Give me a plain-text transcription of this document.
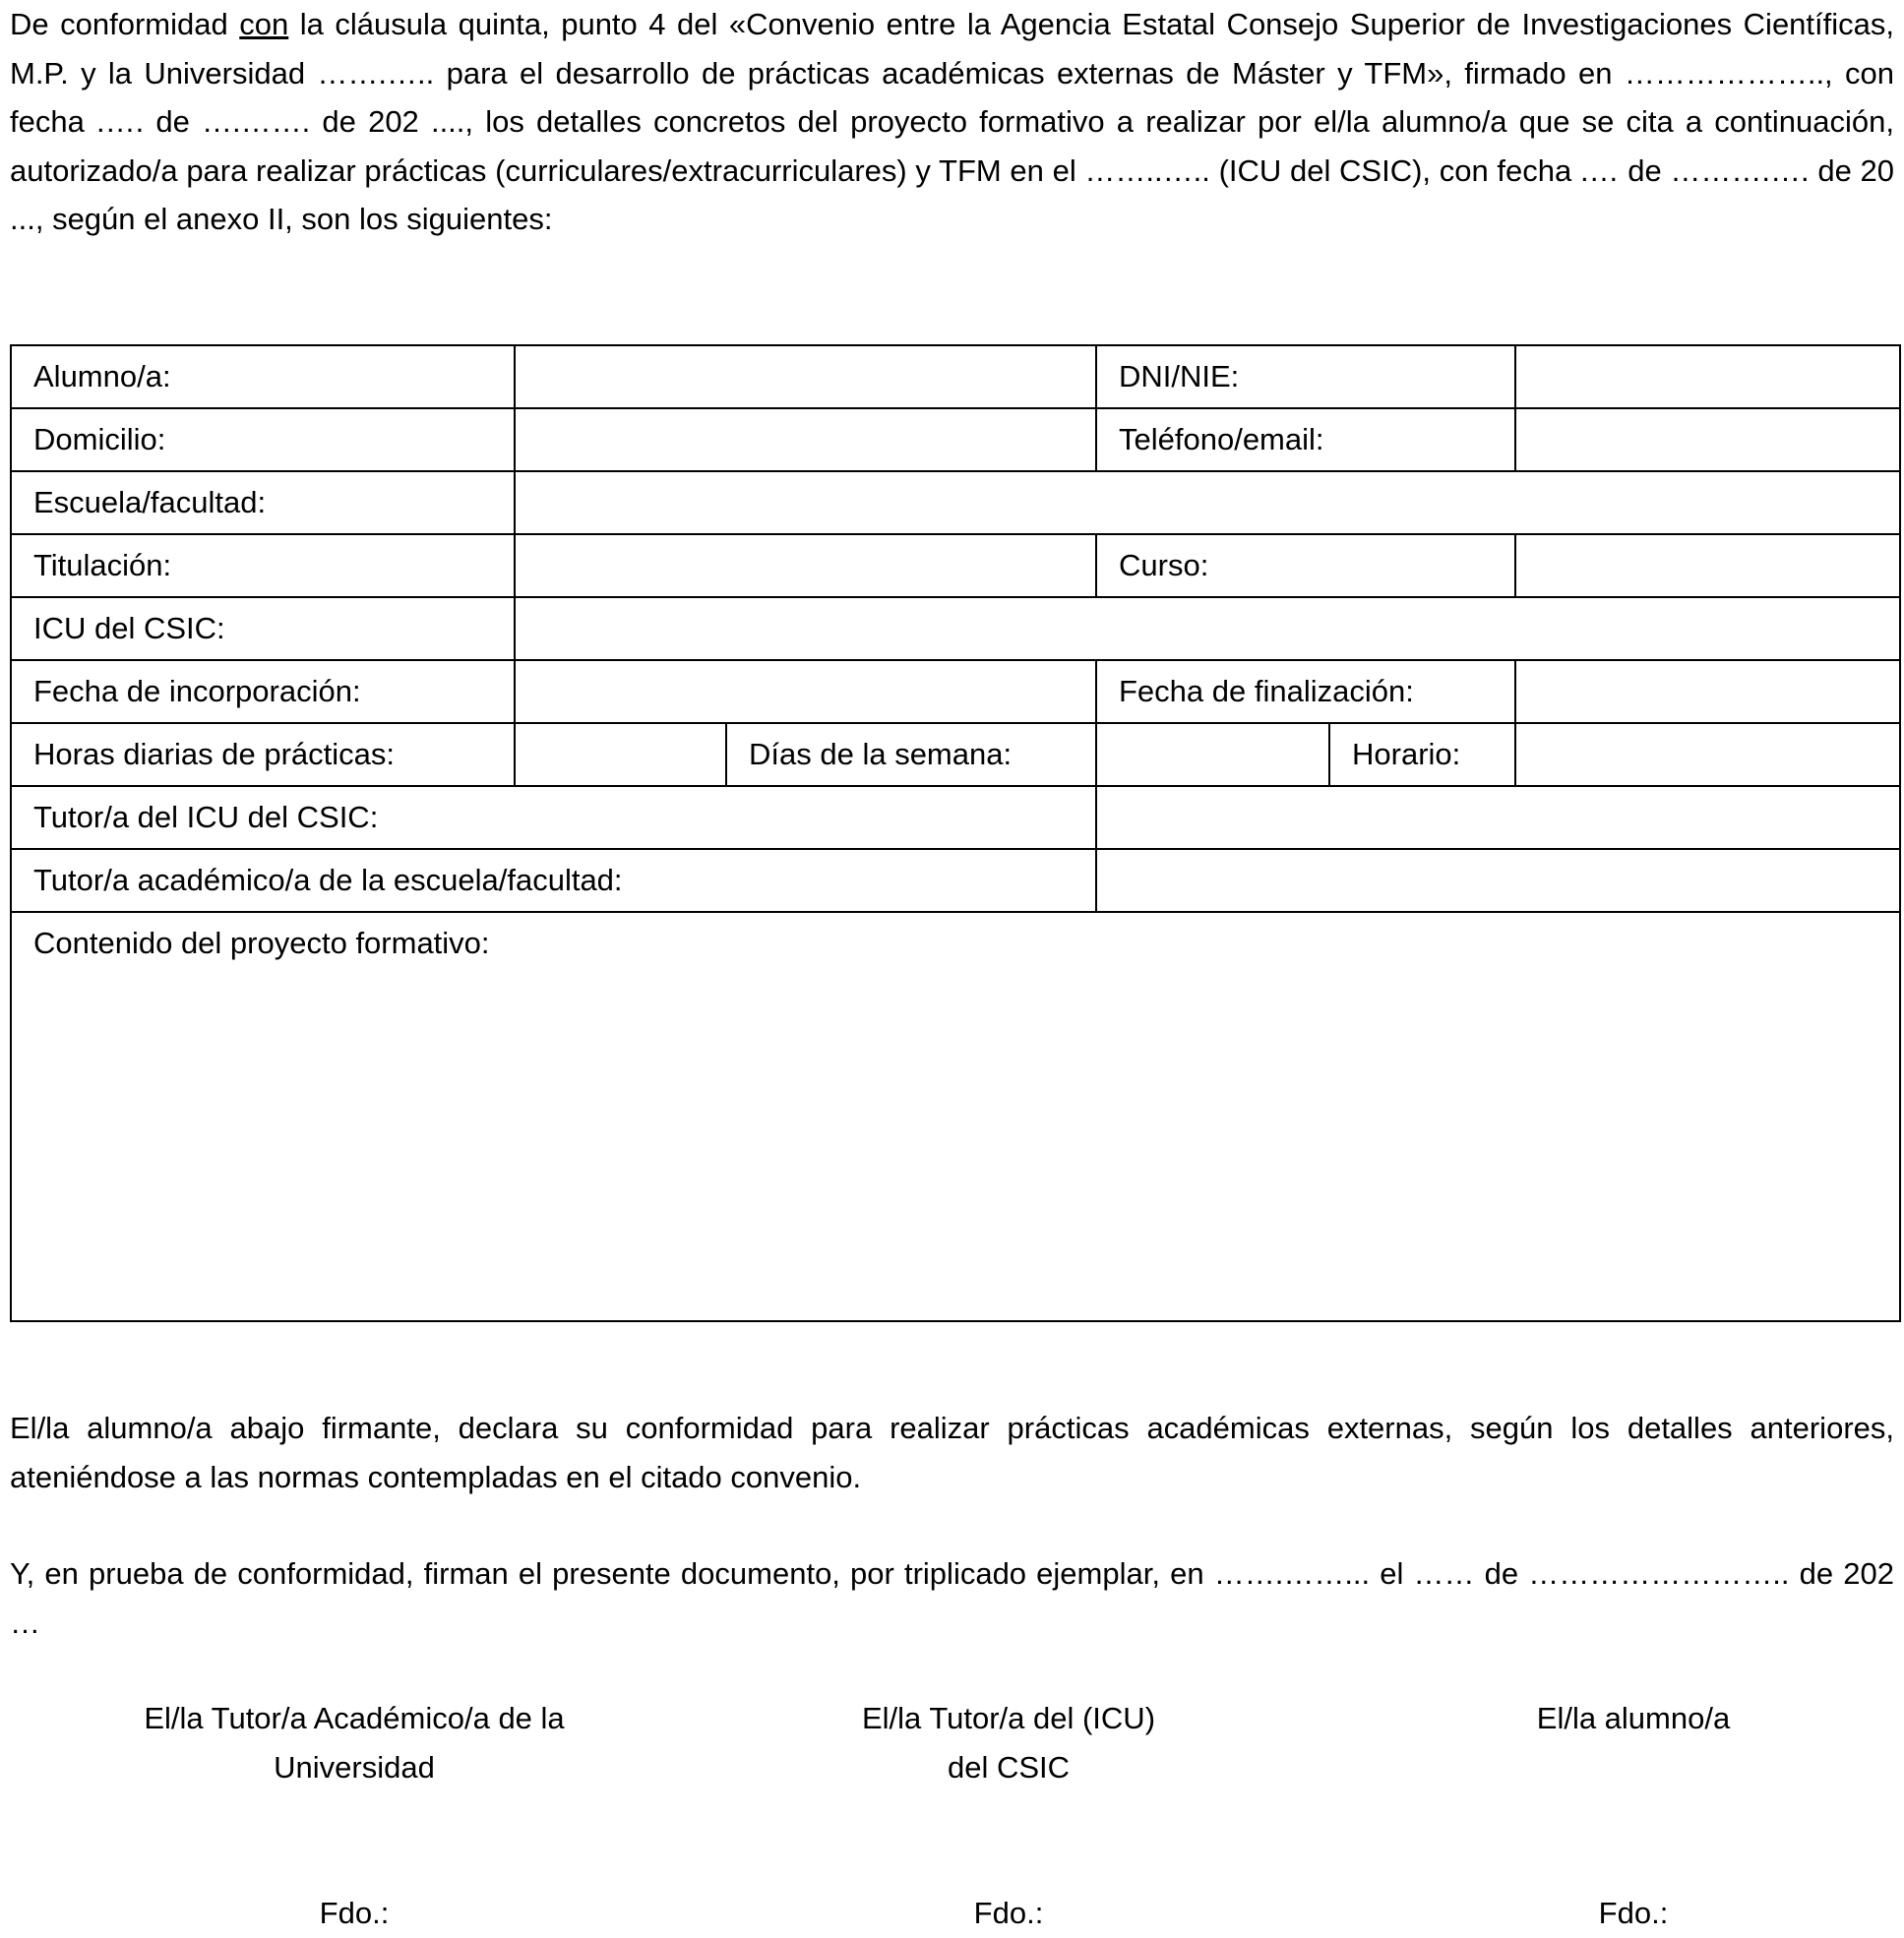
De conformidad con la cláusula quinta, punto 4 del «Convenio entre la Agencia Estatal Consejo Superior de Investigaciones Científicas, M.P. y la Universidad …….….. para el desarrollo de prácticas académicas externas de Máster y TFM», firmado en ……………….., con fecha .…. de ….……. de 202 ...., los detalles concretos del proyecto formativo a realizar por el/la alumno/a que se cita a continuación, autorizado/a para realizar prácticas (curriculares/extracurriculares) y TFM en el ……..….. (ICU del CSIC), con fecha .… de ……….…. de 20 ..., según el anexo II, son los siguientes:

Alumno/a:			DNI/NIE:		
Domicilio:			Teléfono/email:		
Escuela/facultad:					
Titulación:			Curso:		
ICU del CSIC:					
Fecha de incorporación:			Fecha de finalización:		
Horas diarias de prácticas:		Días de la semana:		Horario:	
Tutor/a del ICU del CSIC:					
Tutor/a académico/a de la escuela/facultad:					
Contenido del proyecto formativo:					

El/la alumno/a abajo firmante, declara su conformidad para realizar prácticas académicas externas, según los detalles anteriores, ateniéndose a las normas contempladas en el citado convenio.

Y, en prueba de conformidad, firman el presente documento, por triplicado ejemplar, en …….……... el …… de …………………….. de 202 …

El/la Tutor/a Académico/a de la
Universidad
El/la Tutor/a del (ICU)
del CSIC
El/la alumno/a
Fdo.:	Fdo.:	Fdo.:
